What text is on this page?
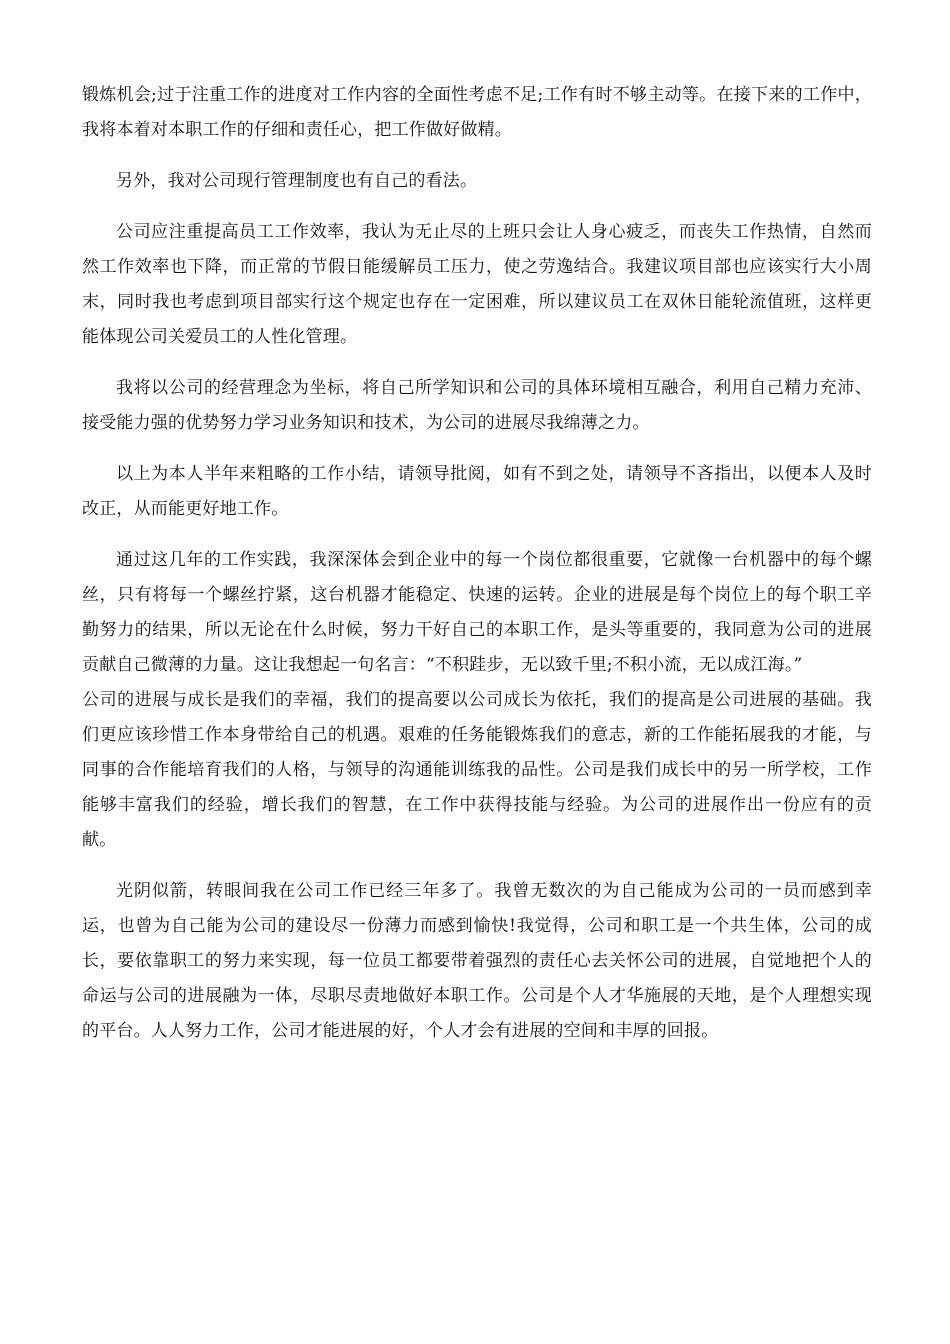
锻炼机会;过于注重工作的进度对工作内容的全面性考虑不足;工作有时不够主动等。在接下来的工作中，我将本着对本职工作的仔细和责任心，把工作做好做精。

另外，我对公司现行管理制度也有自己的看法。

公司应注重提高员工工作效率，我认为无止尽的上班只会让人身心疲乏，而丧失工作热情，自然而然工作效率也下降，而正常的节假日能缓解员工压力，使之劳逸结合。我建议项目部也应该实行大小周末，同时我也考虑到项目部实行这个规定也存在一定困难，所以建议员工在双休日能轮流值班，这样更能体现公司关爱员工的人性化管理。

我将以公司的经营理念为坐标，将自己所学知识和公司的具体环境相互融合，利用自己精力充沛、接受能力强的优势努力学习业务知识和技术，为公司的进展尽我绵薄之力。

以上为本人半年来粗略的工作小结，请领导批阅，如有不到之处，请领导不吝指出，以便本人及时改正，从而能更好地工作。

通过这几年的工作实践，我深深体会到企业中的每一个岗位都很重要，它就像一台机器中的每个螺丝，只有将每一个螺丝拧紧，这台机器才能稳定、快速的运转。企业的进展是每个岗位上的每个职工辛勤努力的结果，所以无论在什么时候，努力干好自己的本职工作，是头等重要的，我同意为公司的进展贡献自己微薄的力量。这让我想起一句名言：“不积跬步，无以致千里;不积小流，无以成江海。”

公司的进展与成长是我们的幸福，我们的提高要以公司成长为依托，我们的提高是公司进展的基础。我们更应该珍惜工作本身带给自己的机遇。艰难的任务能锻炼我们的意志，新的工作能拓展我的才能，与同事的合作能培育我们的人格，与领导的沟通能训练我的品性。公司是我们成长中的另一所学校，工作能够丰富我们的经验，增长我们的智慧，在工作中获得技能与经验。为公司的进展作出一份应有的贡献。

光阴似箭，转眼间我在公司工作已经三年多了。我曾无数次的为自己能成为公司的一员而感到幸运，也曾为自己能为公司的建设尽一份薄力而感到愉快!我觉得，公司和职工是一个共生体，公司的成长，要依靠职工的努力来实现，每一位员工都要带着强烈的责任心去关怀公司的进展，自觉地把个人的命运与公司的进展融为一体，尽职尽责地做好本职工作。公司是个人才华施展的天地，是个人理想实现的平台。人人努力工作，公司才能进展的好，个人才会有进展的空间和丰厚的回报。
